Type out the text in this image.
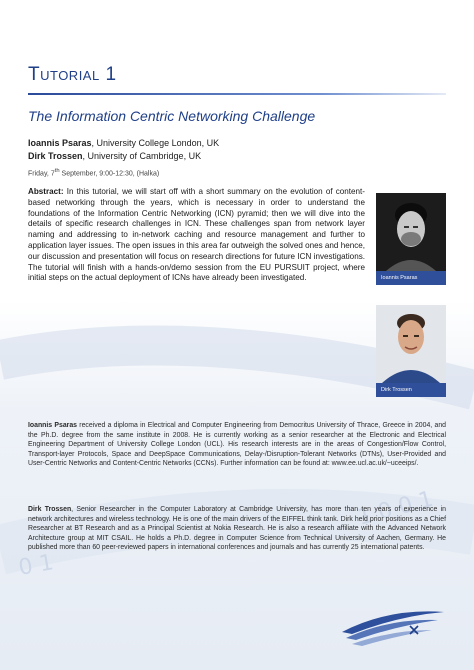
1 0 0 1
0 1
Tutorial 1
The Information Centric Networking Challenge
Ioannis Psaras, University College London, UK
Dirk Trossen, University of Cambridge, UK
Friday, 7th September, 9:00-12:30, (Halka)
Abstract: In this tutorial, we will start off with a short summary on the evolution of content-based networking through the years, which is necessary in order to understand the foundations of the Information Centric Networking (ICN) pyramid; then we will dive into the details of specific research challenges in ICN. These challenges span from network layer naming and addressing to in-network caching and resource management and further to application layer issues. The open issues in this area far outweigh the solved ones and hence, our discussion and presentation will focus on research directions for future ICN investigations. The tutorial will finish with a hands-on/demo session from the EU PURSUIT project, where initial steps on the actual deployment of ICNs have already been investigated.	Ioannis Psaras
Dirk Trossen
Ioannis Psaras received a diploma in Electrical and Computer Engineering from Democritus University of Thrace, Greece in 2004, and the Ph.D. degree from the same institute in 2008. He is currently working as a senior researcher at the Electronic and Electrical Engineering Department of University College London (UCL). His research interests are in the areas of Congestion/Flow Control, Transport-layer Protocols, Space and DeepSpace Communications, Delay-/Disruption-Tolerant Networks (DTNs), User-Provided and User-Centric Networks and Content-Centric Networks (CCNs). Further information can be found at: www.ee.ucl.ac.uk/~uceeips/.
Dirk Trossen, Senior Researcher in the Computer Laboratory at Cambridge University, has more than ten years of experience in network architectures and wireless technology. He is one of the main drivers of the EIFFEL think tank. Dirk held prior positions as a Chief Researcher at BT Research and as a Principal Scientist at Nokia Research. He is also a research affiliate with the Advanced Network Architecture group at MIT CSAIL. He holds a Ph.D. degree in Computer Science from Technical University of Aachen, Germany. He published more than 60 peer-reviewed papers in international conferences and journals and has currently 25 international patents.
